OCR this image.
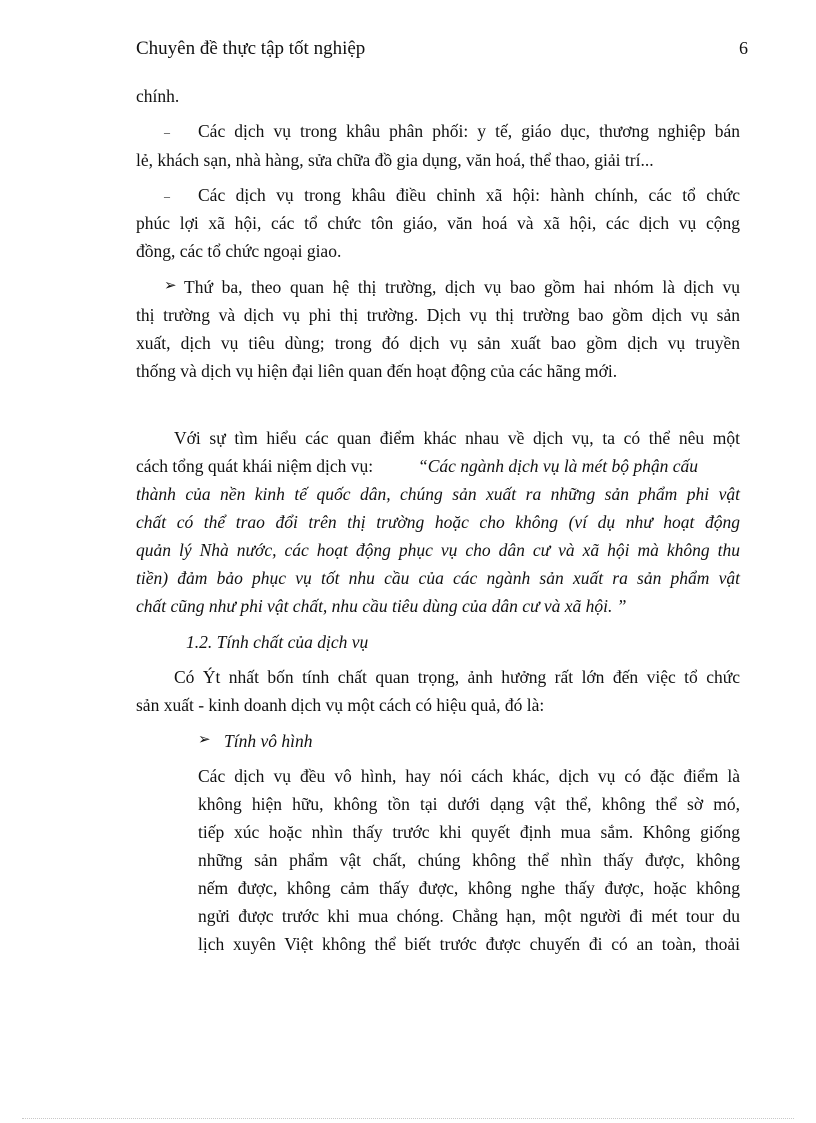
Chuyên đề thực tập tốt nghiệp	6
chính.
– Các dịch vụ trong khâu phân phối: y tế, giáo dục, thương nghiệp bán
lẻ, khách sạn, nhà hàng, sửa chữa đồ gia dụng, văn hoá, thể thao, giải trí...
– Các dịch vụ trong khâu điều chỉnh xã hội: hành chính, các tổ chức
phúc lợi xã hội, các tổ chức tôn giáo, văn hoá và xã hội, các dịch vụ cộng
đồng, các tổ chức ngoại giao.
➢ Thứ ba, theo quan hệ thị trường, dịch vụ bao gồm hai nhóm là dịch vụ
thị trường và dịch vụ phi thị trường. Dịch vụ thị trường bao gồm dịch vụ sản
xuất, dịch vụ tiêu dùng; trong đó dịch vụ sản xuất bao gồm dịch vụ truyền
thống và dịch vụ hiện đại liên quan đến hoạt động của các hãng mới.
Với sự tìm hiểu các quan điểm khác nhau về dịch vụ, ta có thể nêu một
cách tổng quát khái niệm dịch vụ:	“Các ngành dịch vụ là mét bộ phận cấu
thành của nền kinh tế quốc dân, chúng sản xuất ra những sản phẩm phi vật
chất có thể trao đổi trên thị trường hoặc cho không (ví dụ như hoạt động
quản lý Nhà nước, các hoạt động phục vụ cho dân cư và xã hội mà không thu
tiền) đảm bảo phục vụ tốt nhu cầu của các ngành sản xuất ra sản phẩm vật
chất cũng như phi vật chất, nhu cầu tiêu dùng của dân cư và xã hội. ”
1.2. Tính chất của dịch vụ
Có Ýt nhất bốn tính chất quan trọng, ảnh hưởng rất lớn đến việc tổ chức
sản xuất - kinh doanh dịch vụ một cách có hiệu quả, đó là:
➢ Tính vô hình
Các dịch vụ đều vô hình, hay nói cách khác, dịch vụ có đặc điểm là
không hiện hữu, không tồn tại dưới dạng vật thể, không thể sờ mó,
tiếp xúc hoặc nhìn thấy trước khi quyết định mua sắm. Không giống
những sản phẩm vật chất, chúng không thể nhìn thấy được, không
nếm được, không cảm thấy được, không nghe thấy được, hoặc không
ngửi được trước khi mua chóng. Chẳng hạn, một người đi mét tour du
lịch xuyên Việt không thể biết trước được chuyến đi có an toàn, thoải
